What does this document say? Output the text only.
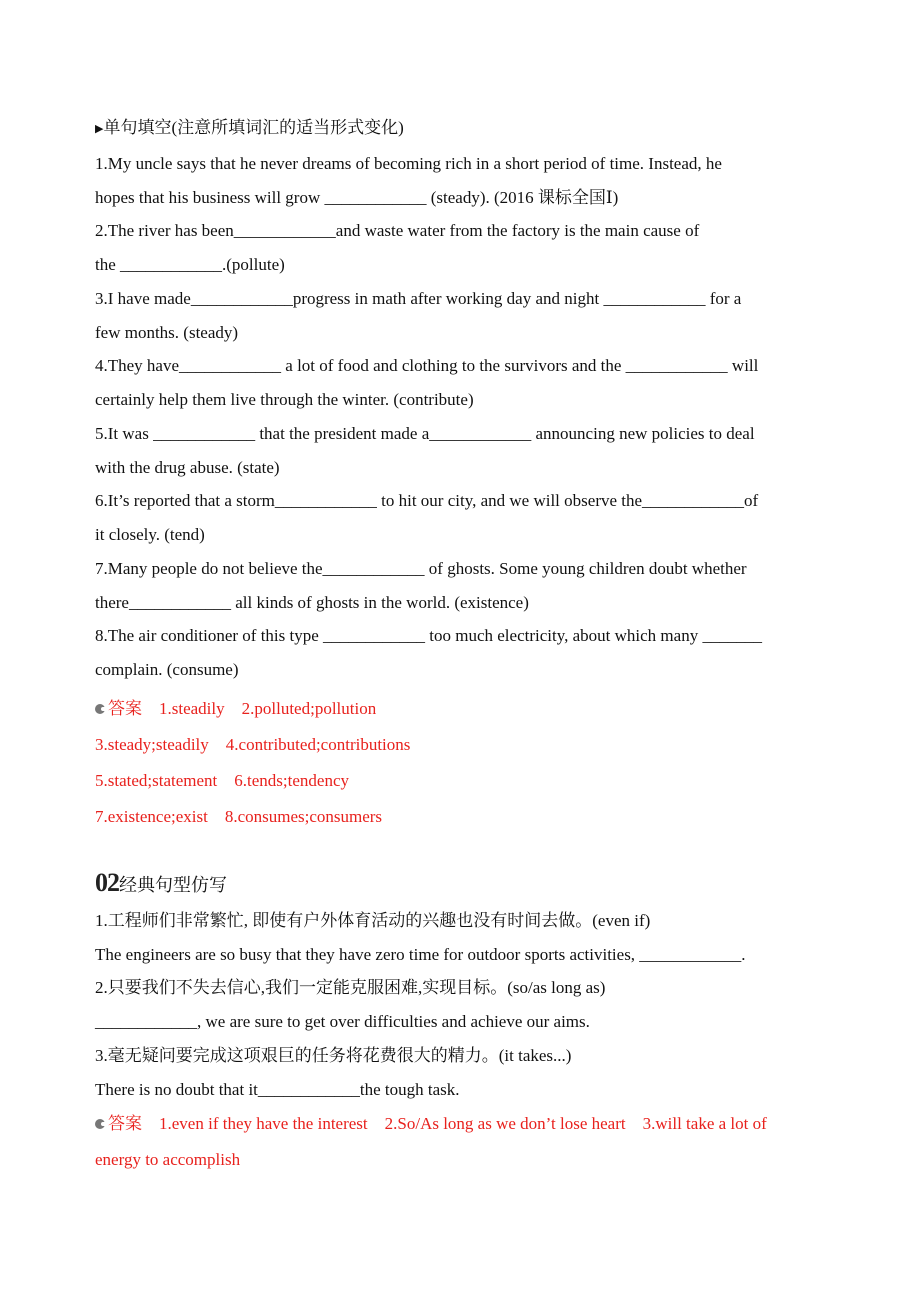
▶单句填空(注意所填词汇的适当形式变化)
1.My uncle says that he never dreams of becoming rich in a short period of time. Instead, he
hopes that his business will grow ____________ (steady). (2016 课标全国Ⅰ)
2.The river has been____________and waste water from the factory is the main cause of
the ____________.(pollute)
3.I have made____________progress in math after working day and night ____________ for a
few months. (steady)
4.They have____________ a lot of food and clothing to the survivors and the ____________ will
certainly help them live through the winter. (contribute)
5.It was ____________ that the president made a____________ announcing new policies to deal
with the drug abuse. (state)
6.It’s reported that a storm____________ to hit our city, and we will observe the____________of
it closely. (tend)
7.Many people do not believe the____________ of ghosts. Some young children doubt whether
there____________ all kinds of ghosts in the world. (existence)
8.The air conditioner of this type ____________ too much electricity, about which many _______
complain. (consume)
答案    1.steadily    2.polluted;pollution
3.steady;steadily    4.contributed;contributions
5.stated;statement    6.tends;tendency
7.existence;exist    8.consumes;consumers
02经典句型仿写
1.工程师们非常繁忙, 即使有户外体育活动的兴趣也没有时间去做。(even if)
The engineers are so busy that they have zero time for outdoor sports activities, ____________.
2.只要我们不失去信心,我们一定能克服困难,实现目标。(so/as long as)
____________, we are sure to get over difficulties and achieve our aims.
3.毫无疑问要完成这项艰巨的任务将花费很大的精力。(it takes...)
There is no doubt that it____________the tough task.
答案    1.even if they have the interest    2.So/As long as we don’t lose heart    3.will take a lot of
energy to accomplish
